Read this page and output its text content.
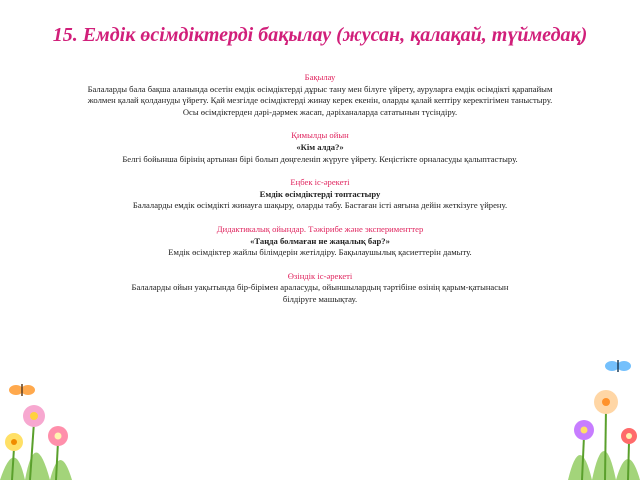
15. Емдік өсімдіктерді бақылау (жусан, қалақай, түймедақ)

Бақылау

Балаларды бала бақша аланында өсетін емдік өсімдіктерді дұрыс тану мен білуге үйрету, ауруларға емдік өсімдікті қарапайым

жолмен қалай қолдануды үйрету. Қай мезгілде өсімдіктерді жинау керек екенін, оларды қалай кептіру керектігімен таныстыру.

Осы өсімдіктерден дәрі-дәрмек жасап, дәріханаларда сататынын түсіндіру.

Қимылды ойын

«Кім алда?»

Белгі бойынша бірінің артынан бірі болып дөңгеленіп жүруге үйрету. Кеңістікте орналасуды қалыптастыру.

Еңбек іс-әрекеті

Емдік өсімдіктерді топтастыру

Балаларды емдік өсімдікті жинауға шақыру, оларды табу. Бастаған істі аяғына дейін жеткізуге үйрену.

Дидактикалық ойындар. Тәжірибе және эксперименттер

«Таңда болмаған не жаңалық бар?»

Емдік өсімдіктер жайлы білімдерін жетілдіру. Бақылаушылық қасиеттерін дамыту.

Өзіндік іс-әрекеті

Балаларды ойын уақытында бір-бірімен араласуды, ойыншылардың тәртібіне өзінің қарым-қатынасын

білдіруге машықтау.
